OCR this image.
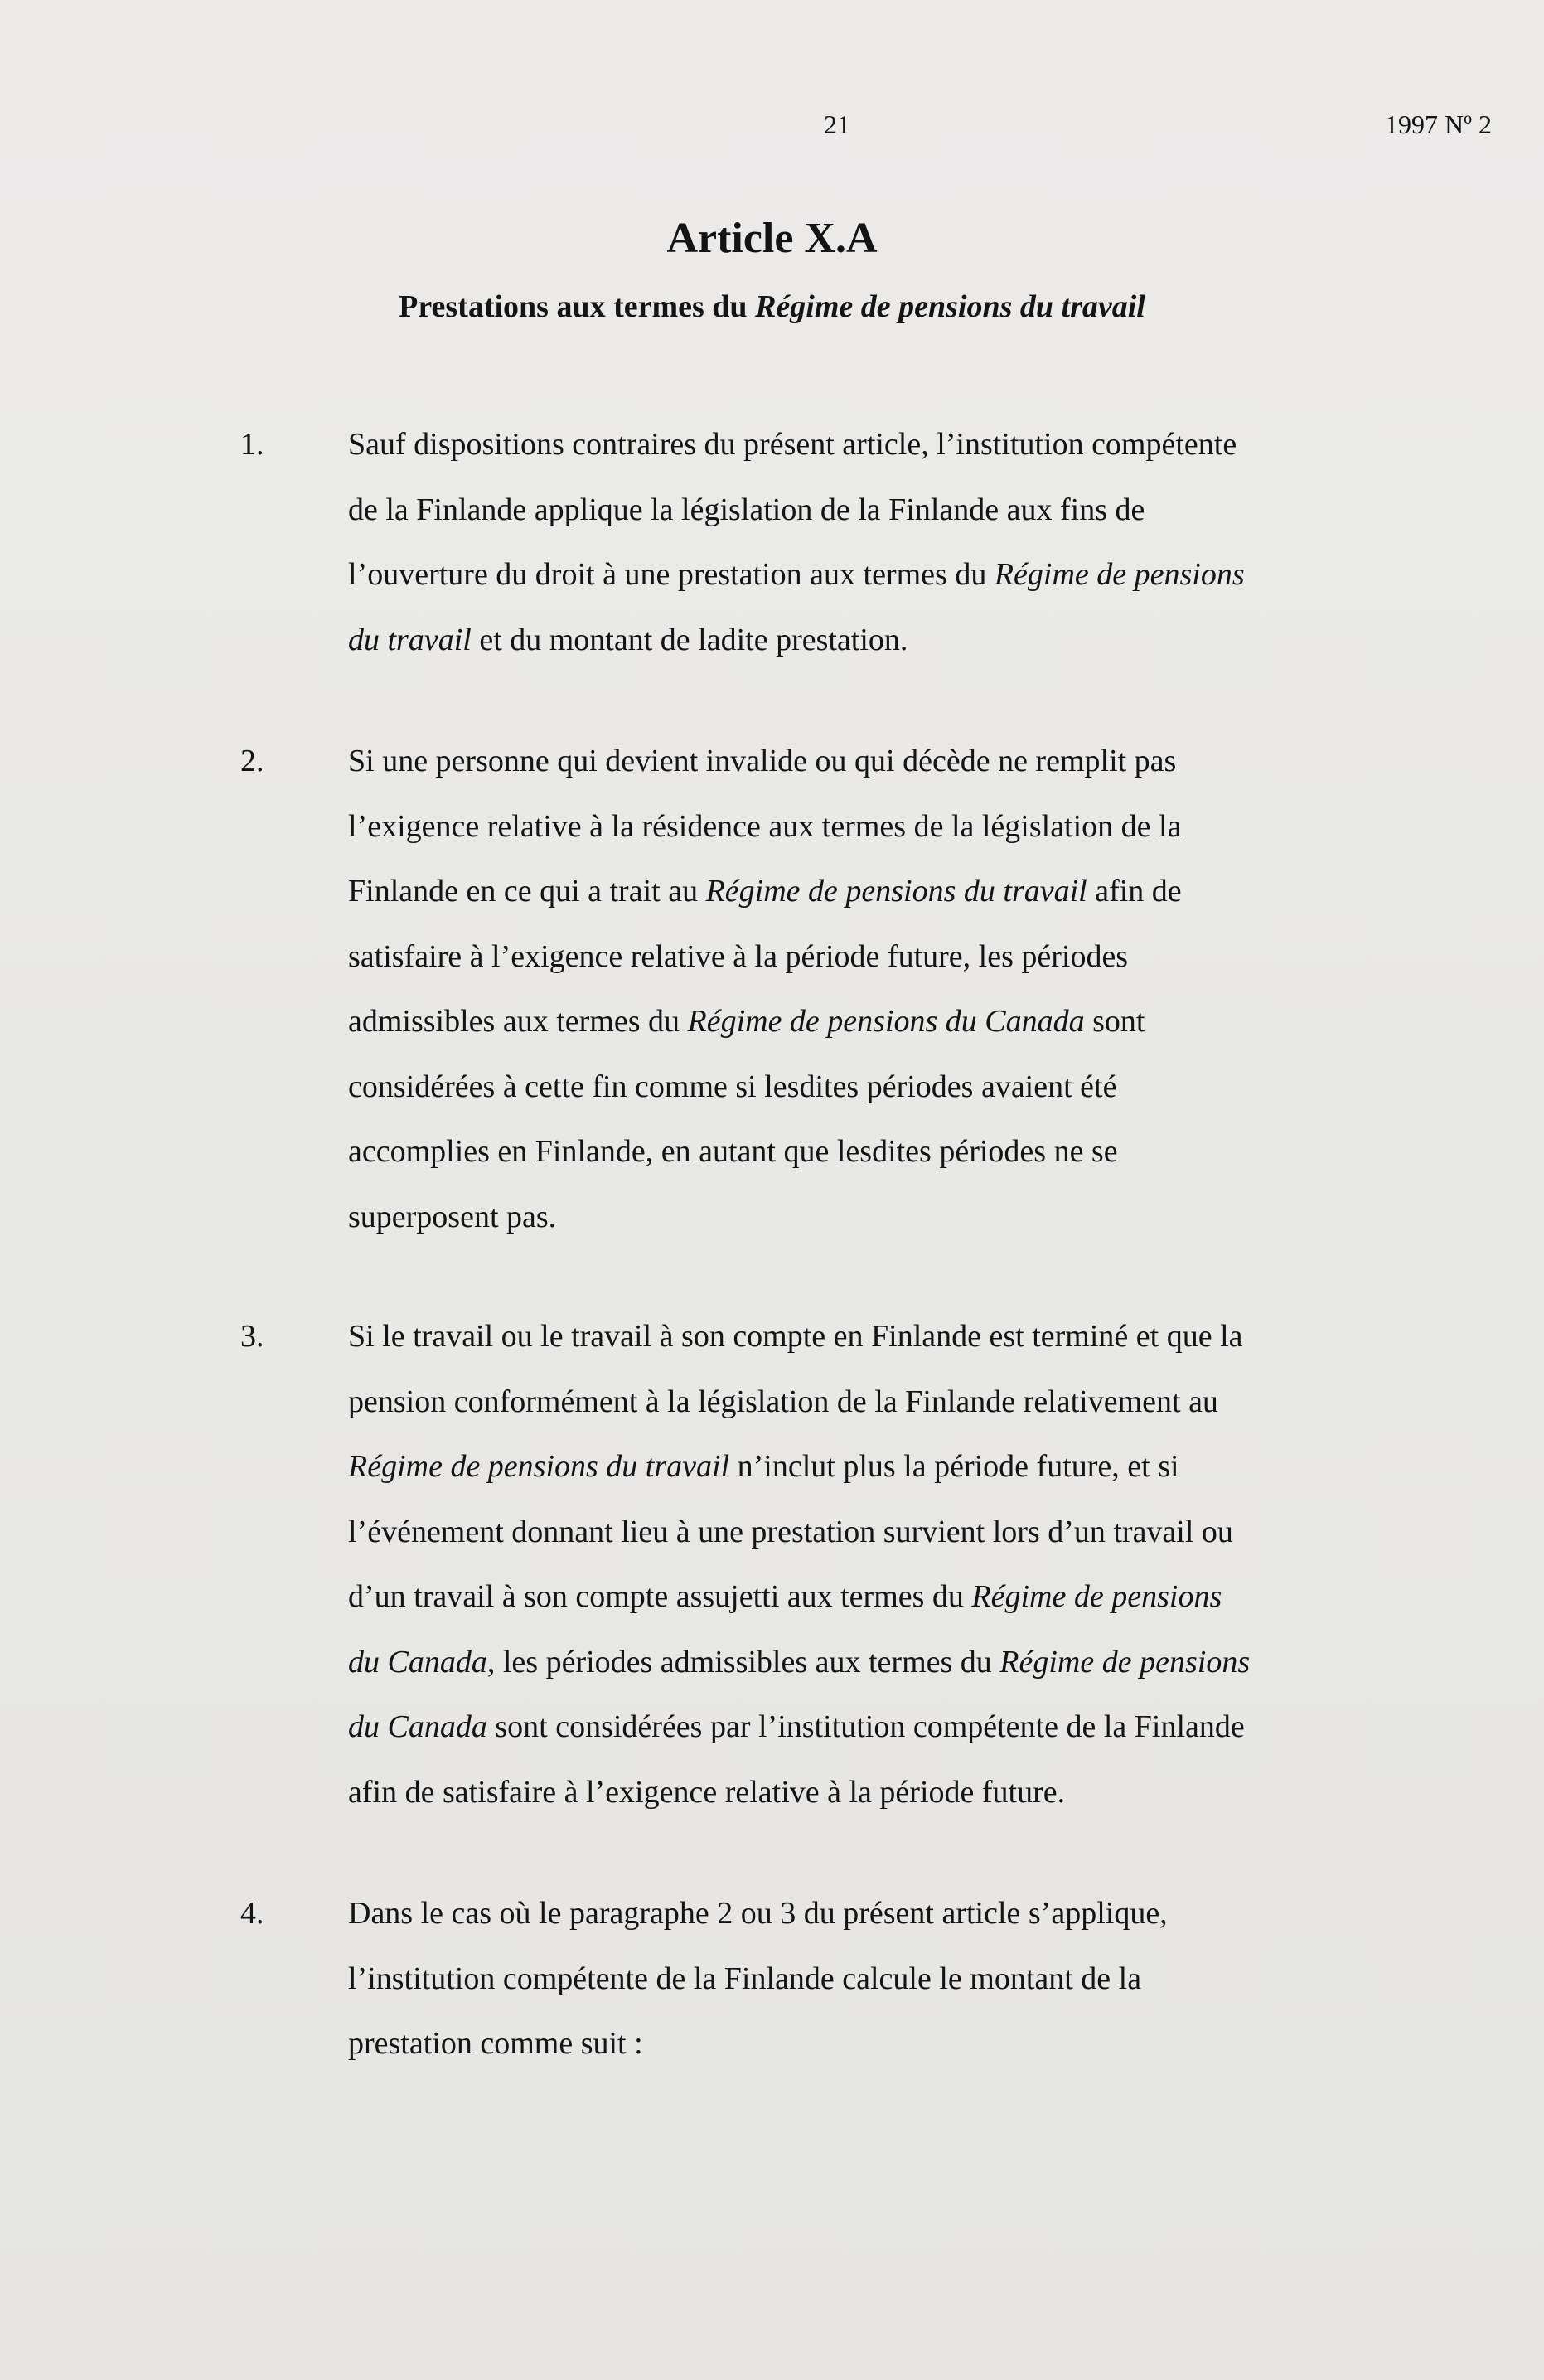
21	1997 Nº 2
Article X.A
Prestations aux termes du Régime de pensions du travail
1.	Sauf dispositions contraires du présent article, l’institution compétente
de la Finlande applique la législation de la Finlande aux fins de
l’ouverture du droit à une prestation aux termes du Régime de pensions
du travail et du montant de ladite prestation.
2.	Si une personne qui devient invalide ou qui décède ne remplit pas
l’exigence relative à la résidence aux termes de la législation de la
Finlande en ce qui a trait au Régime de pensions du travail afin de
satisfaire à l’exigence relative à la période future, les périodes
admissibles aux termes du Régime de pensions du Canada sont
considérées à cette fin comme si lesdites périodes avaient été
accomplies en Finlande, en autant que lesdites périodes ne se
superposent pas.
3.	Si le travail ou le travail à son compte en Finlande est terminé et que la
pension conformément à la législation de la Finlande relativement au
Régime de pensions du travail n’inclut plus la période future, et si
l’événement donnant lieu à une prestation survient lors d’un travail ou
d’un travail à son compte assujetti aux termes du Régime de pensions
du Canada, les périodes admissibles aux termes du Régime de pensions
du Canada sont considérées par l’institution compétente de la Finlande
afin de satisfaire à l’exigence relative à la période future.
4.	Dans le cas où le paragraphe 2 ou 3 du présent article s’applique,
l’institution compétente de la Finlande calcule le montant de la
prestation comme suit :
